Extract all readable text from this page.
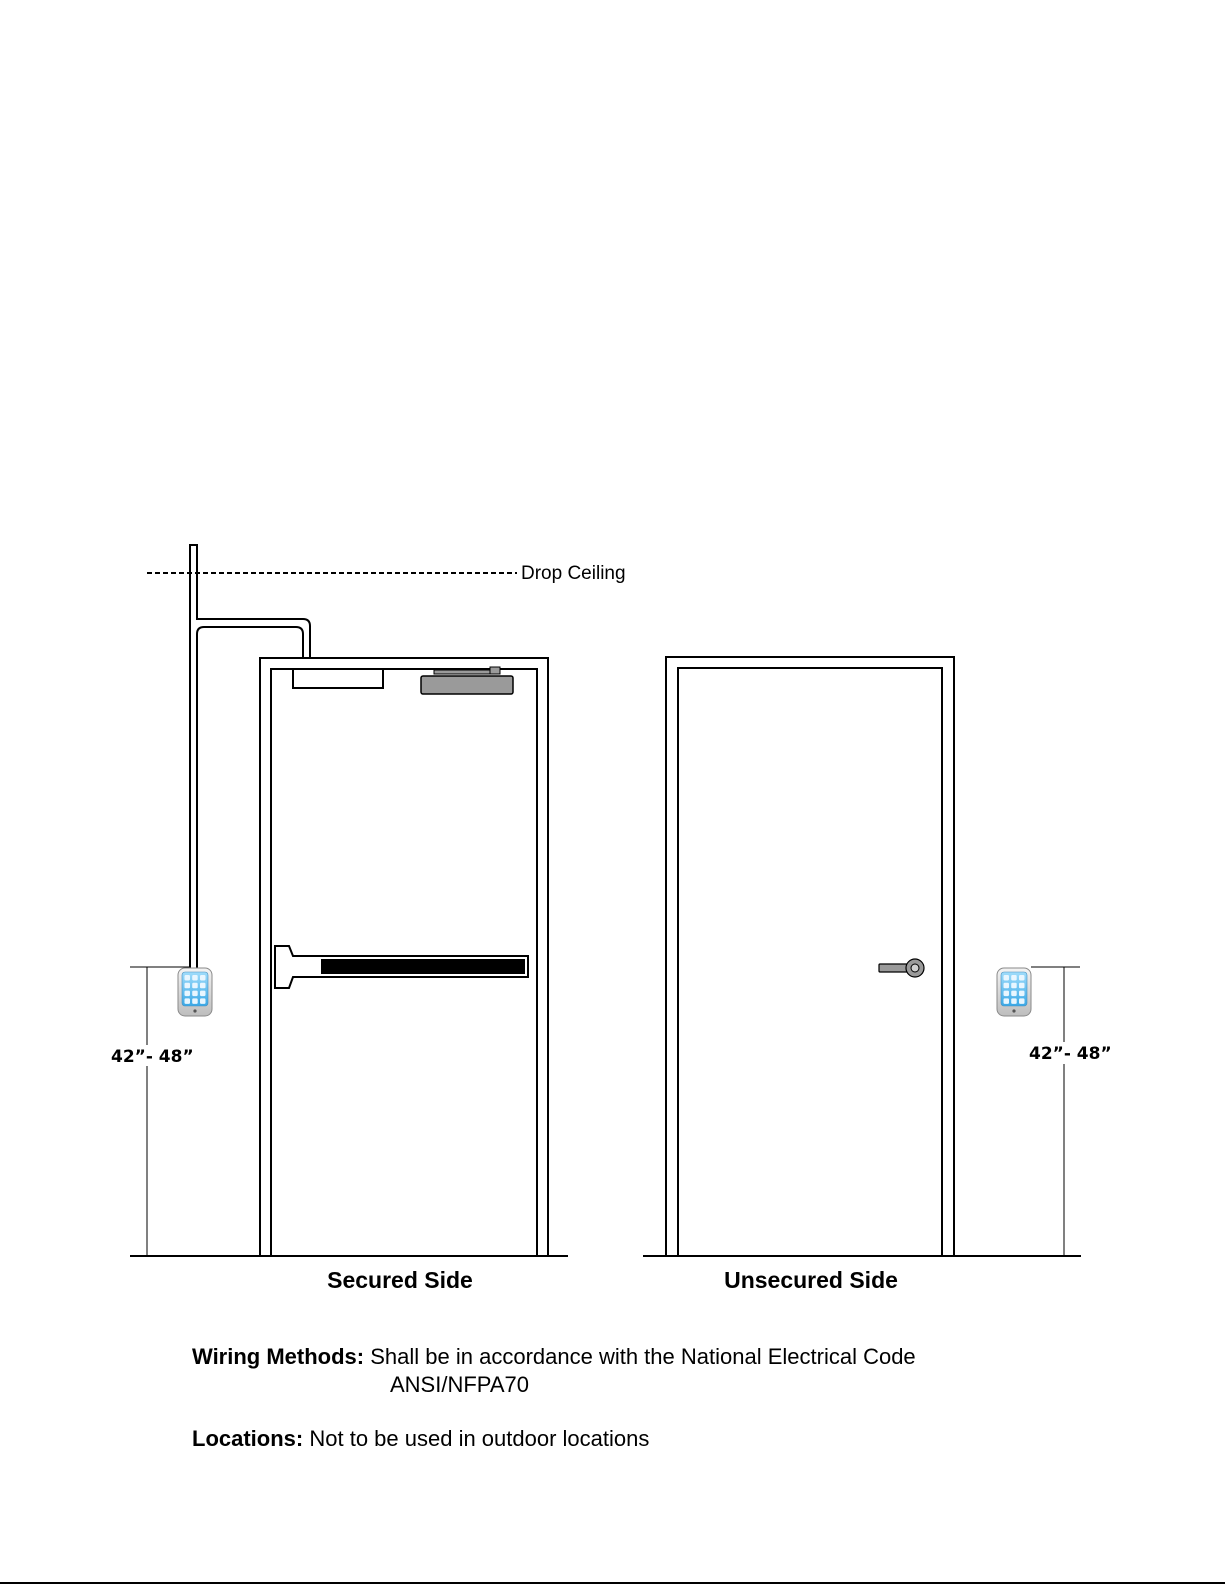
Drop Ceiling
42”- 48”	42”- 48”
Secured Side	Unsecured Side
Wiring Methods:
Shall be in accordance with the National Electrical Code
ANSI/NFPA70
Locations:
Not to be used in outdoor locations
